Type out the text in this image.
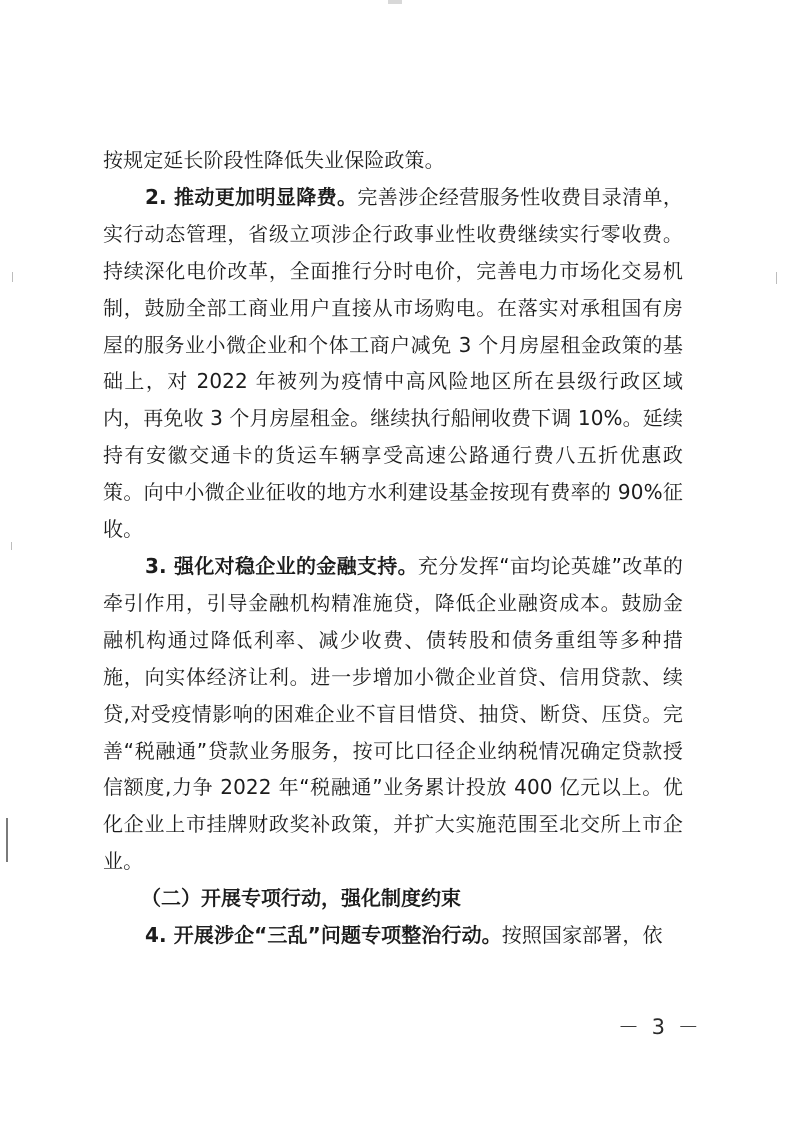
按规定延长阶段性降低失业保险政策。

2. 推动更加明显降费。完善涉企经营服务性收费目录清单，实行动态管理，省级立项涉企行政事业性收费继续实行零收费。持续深化电价改革，全面推行分时电价，完善电力市场化交易机制，鼓励全部工商业用户直接从市场购电。在落实对承租国有房屋的服务业小微企业和个体工商户减免 3 个月房屋租金政策的基础上，对 2022 年被列为疫情中高风险地区所在县级行政区域内，再免收 3 个月房屋租金。继续执行船闸收费下调 10%。延续持有安徽交通卡的货运车辆享受高速公路通行费八五折优惠政策。向中小微企业征收的地方水利建设基金按现有费率的 90%征收。

3. 强化对稳企业的金融支持。充分发挥“亩均论英雄”改革的牵引作用，引导金融机构精准施贷，降低企业融资成本。鼓励金融机构通过降低利率、减少收费、债转股和债务重组等多种措施，向实体经济让利。进一步增加小微企业首贷、信用贷款、续贷,对受疫情影响的困难企业不盲目惜贷、抽贷、断贷、压贷。完善“税融通”贷款业务服务，按可比口径企业纳税情况确定贷款授信额度,力争 2022 年“税融通”业务累计投放 400 亿元以上。优化企业上市挂牌财政奖补政策，并扩大实施范围至北交所上市企业。

（二）开展专项行动，强化制度约束

4. 开展涉企“三乱”问题专项整治行动。按照国家部署，依

－ 3 －
